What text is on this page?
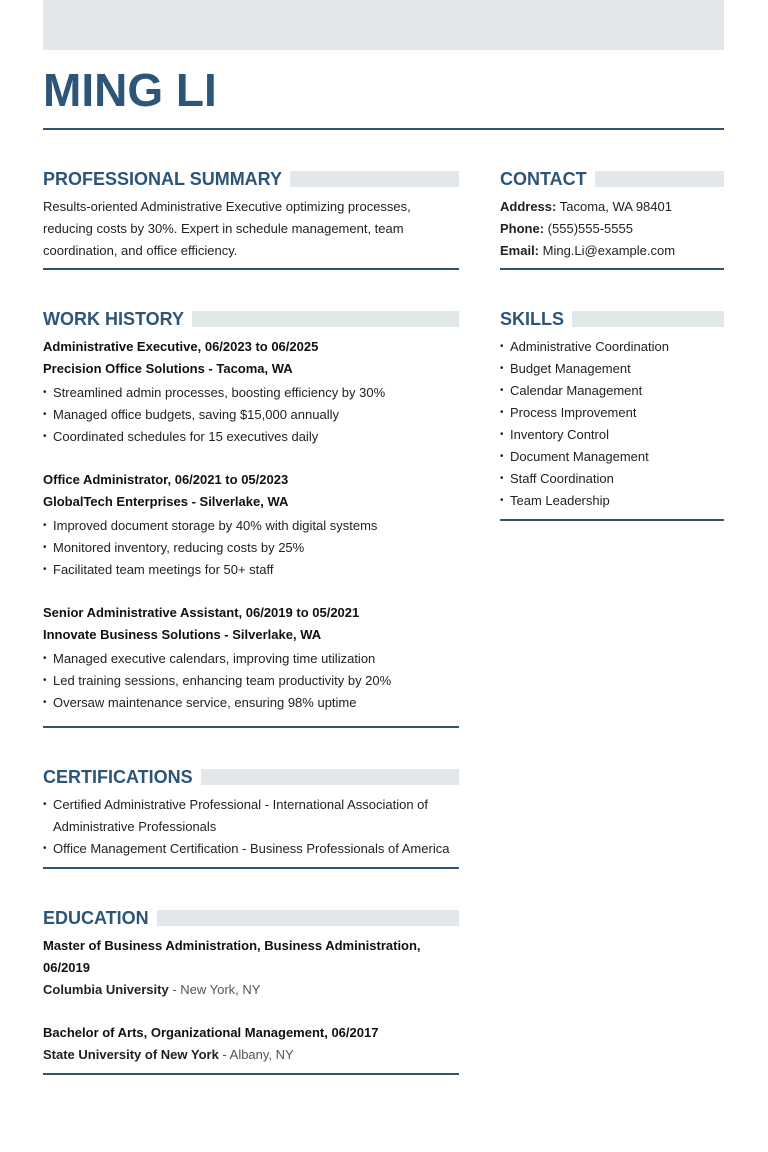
MING LI
PROFESSIONAL SUMMARY
Results-oriented Administrative Executive optimizing processes, reducing costs by 30%. Expert in schedule management, team coordination, and office efficiency.
WORK HISTORY
Administrative Executive, 06/2023 to 06/2025
Precision Office Solutions - Tacoma, WA
• Streamlined admin processes, boosting efficiency by 30%
• Managed office budgets, saving $15,000 annually
• Coordinated schedules for 15 executives daily
Office Administrator, 06/2021 to 05/2023
GlobalTech Enterprises - Silverlake, WA
• Improved document storage by 40% with digital systems
• Monitored inventory, reducing costs by 25%
• Facilitated team meetings for 50+ staff
Senior Administrative Assistant, 06/2019 to 05/2021
Innovate Business Solutions - Silverlake, WA
• Managed executive calendars, improving time utilization
• Led training sessions, enhancing team productivity by 20%
• Oversaw maintenance service, ensuring 98% uptime
CERTIFICATIONS
• Certified Administrative Professional - International Association of Administrative Professionals
• Office Management Certification - Business Professionals of America
EDUCATION
Master of Business Administration, Business Administration, 06/2019
Columbia University - New York, NY
Bachelor of Arts, Organizational Management, 06/2017
State University of New York - Albany, NY
CONTACT
Address: Tacoma, WA 98401
Phone: (555)555-5555
Email: Ming.Li@example.com
SKILLS
• Administrative Coordination
• Budget Management
• Calendar Management
• Process Improvement
• Inventory Control
• Document Management
• Staff Coordination
• Team Leadership
